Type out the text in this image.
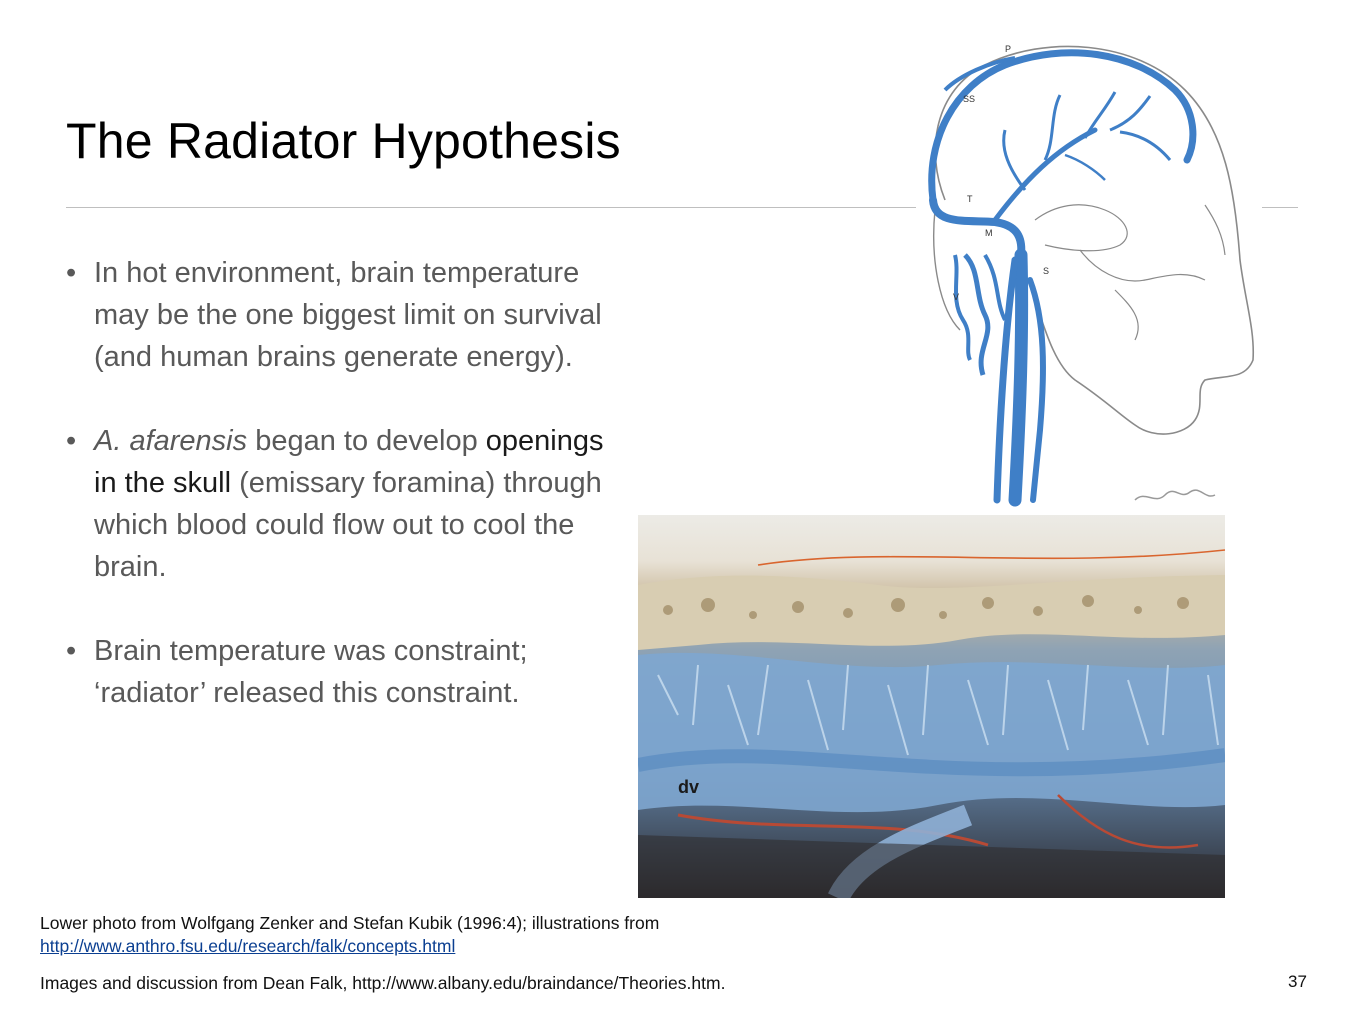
The Radiator Hypothesis
• In hot environment, brain temperature may be the one biggest limit on survival (and human brains generate energy).
• A. afarensis began to develop openings in the skull (emissary foramina) through which blood could flow out to cool the brain.
• Brain temperature was constraint; ‘radiator’ released this constraint.
P
SS
T
M
S
V
dv
Lower photo from Wolfgang Zenker and Stefan Kubik (1996:4); illustrations from
http://www.anthro.fsu.edu/research/falk/concepts.html
Images and discussion from Dean Falk, http://www.albany.edu/braindance/Theories.htm.	37
